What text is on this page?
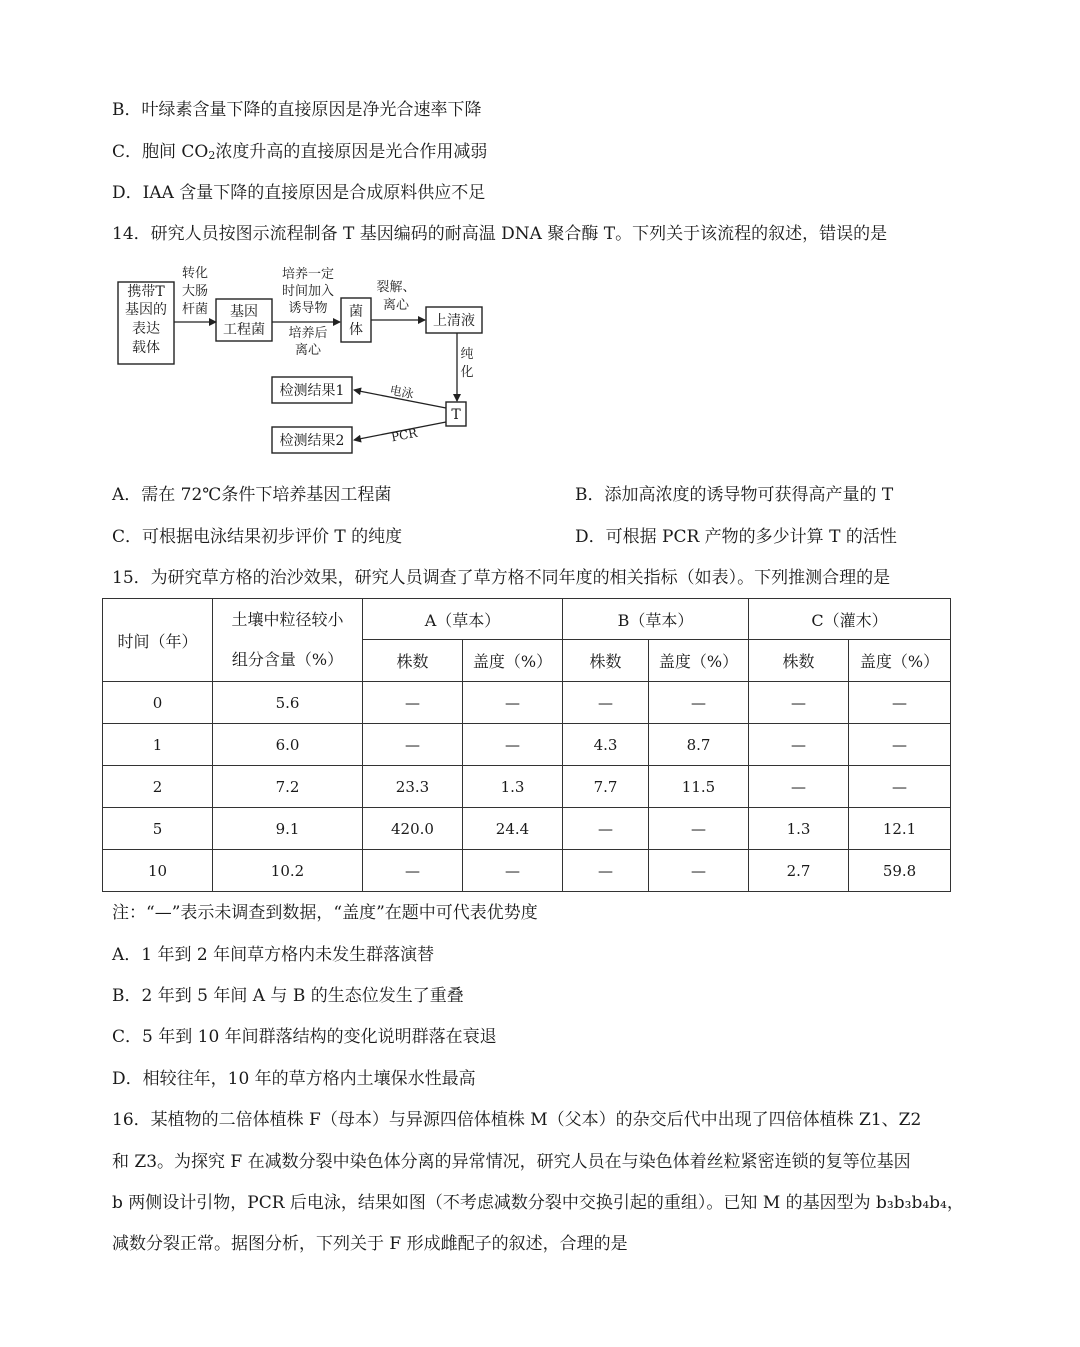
B．叶绿素含量下降的直接原因是净光合速率下降
C．胞间 $CO_2$浓度升高的直接原因是光合作用减弱
D．IAA 含量下降的直接原因是合成原料供应不足
14．研究人员按图示流程制备 T 基因编码的耐高温 DNA 聚合酶 T。下列关于该流程的叙述，错误的是
携带T
基因的
表达
载体
转化
大肠
杆菌 基因
工程菌
培养一定
时间加入
诱导物
培养后
离心
菌
体
裂解、
离心
上清液
纯
化
T
检测结果1
检测结果2
电泳
PCR
A．需在 72℃条件下培养基因工程菌	B．添加高浓度的诱导物可获得高产量的 T
C．可根据电泳结果初步评价 T 的纯度	D．可根据 PCR 产物的多少计算 T 的活性
15．为研究草方格的治沙效果，研究人员调查了草方格不同年度的相关指标（如表）。下列推测合理的是
时间（年）	土壤中粒径较小
组分含量（%）	A（草本）		B（草本）		C（灌木）	
		株数	盖度（%）	株数	盖度（%）	株数	盖度（%）
0	5.6	—	—	—	—	—	—
1	6.0	—	—	4.3	8.7	—	—
2	7.2	23.3	1.3	7.7	11.5	—	—
5	9.1	420.0	24.4	—	—	1.3	12.1
10	10.2	—	—	—	—	2.7	59.8
注：“—”表示未调查到数据，“盖度”在题中可代表优势度
A．1 年到 2 年间草方格内未发生群落演替
B．2 年到 5 年间 A 与 B 的生态位发生了重叠
C．5 年到 10 年间群落结构的变化说明群落在衰退
D．相较往年，10 年的草方格内土壤保水性最高
16．某植物的二倍体植株 F（母本）与异源四倍体植株 M（父本）的杂交后代中出现了四倍体植株 Z1、Z2
和 Z3。为探究 F 在减数分裂中染色体分离的异常情况，研究人员在与染色体着丝粒紧密连锁的复等位基因
b 两侧设计引物，PCR 后电泳，结果如图（不考虑减数分裂中交换引起的重组）。已知 M 的基因型为 b₃b₃b₄b₄，
减数分裂正常。据图分析，下列关于 F 形成雌配子的叙述，合理的是
